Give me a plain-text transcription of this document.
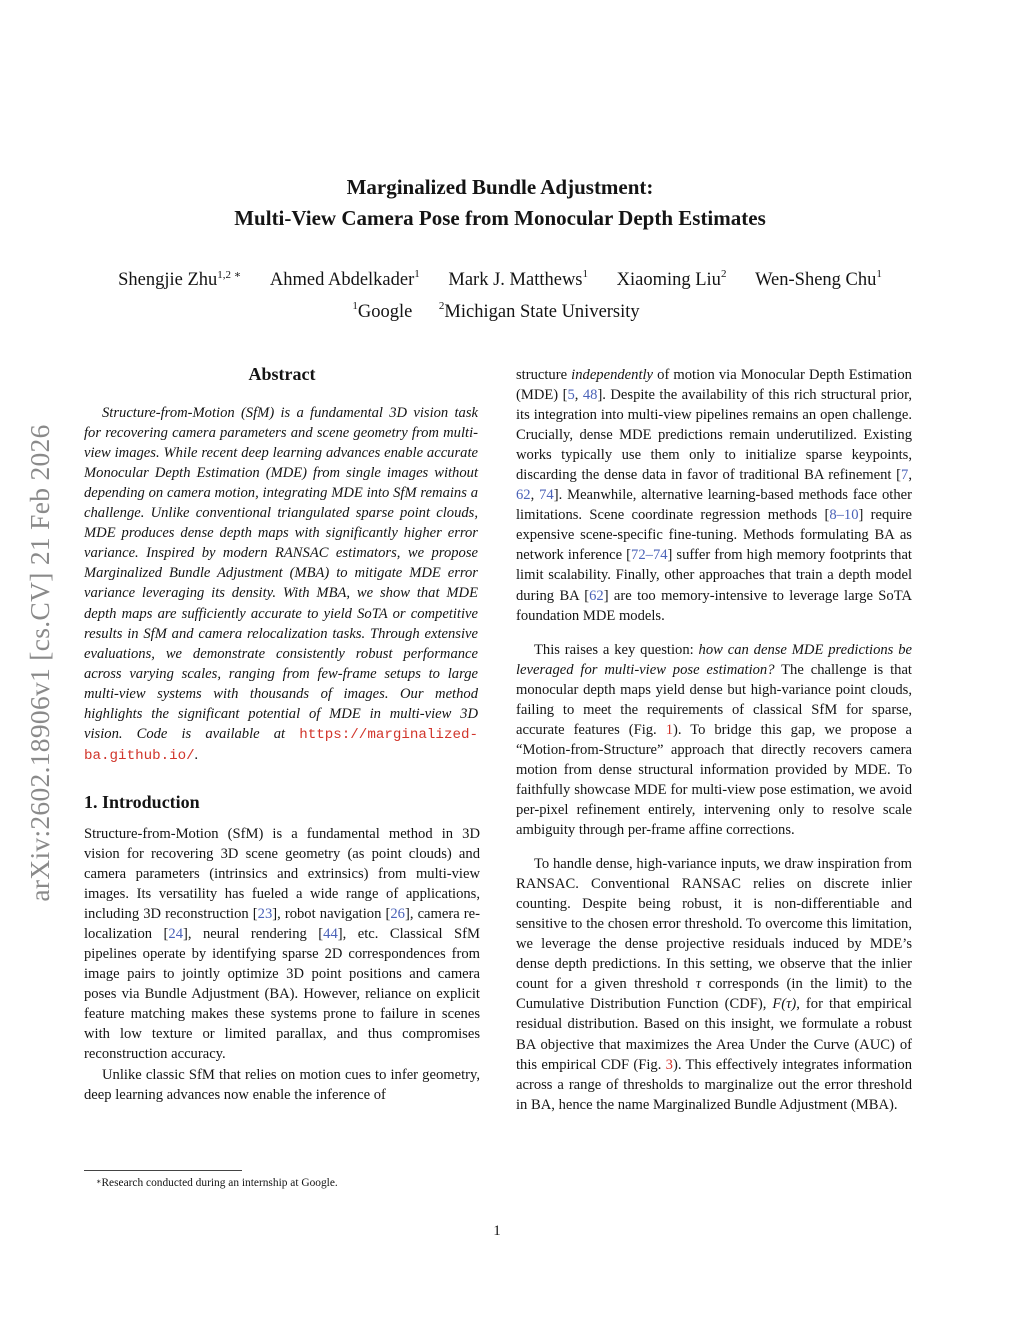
arXiv:2602.18906v1 [cs.CV] 21 Feb 2026
Marginalized Bundle Adjustment:
Multi-View Camera Pose from Monocular Depth Estimates
Shengjie Zhu$^{1,2 ∗}$ Ahmed Abdelkader$^1$ Mark J. Matthews$^1$ Xiaoming Liu$^2$ Wen-Sheng Chu$^1$
$^1$Google $^2$Michigan State University
Abstract

Structure-from-Motion (SfM) is a fundamental 3D vision task for recovering camera parameters and scene geometry from multi-view images. While recent deep learning advances enable accurate Monocular Depth Estimation (MDE) from single images without depending on camera motion, integrating MDE into SfM remains a challenge. Unlike conventional triangulated sparse point clouds, MDE produces dense depth maps with significantly higher error variance. Inspired by modern RANSAC estimators, we propose Marginalized Bundle Adjustment (MBA) to mitigate MDE error variance leveraging its density. With MBA, we show that MDE depth maps are sufficiently accurate to yield SoTA or competitive results in SfM and camera relocalization tasks. Through extensive evaluations, we demonstrate consistently robust performance across varying scales, ranging from few-frame setups to large multi-view systems with thousands of images. Our method highlights the significant potential of MDE in multi-view 3D vision. Code is available at https://marginalized-ba.github.io/.

1. Introduction

Structure-from-Motion (SfM) is a fundamental method in 3D vision for recovering 3D scene geometry (as point clouds) and camera parameters (intrinsics and extrinsics) from multi-view images. Its versatility has fueled a wide range of applications, including 3D reconstruction [23], robot navigation [26], camera re-localization [24], neural rendering [44], etc. Classical SfM pipelines operate by identifying sparse 2D correspondences from image pairs to jointly optimize 3D point positions and camera poses via Bundle Adjustment (BA). However, reliance on explicit feature matching makes these systems prone to failure in scenes with low texture or limited parallax, and thus compromises reconstruction accuracy.

Unlike classic SfM that relies on motion cues to infer geometry, deep learning advances now enable the inference of

structure independently of motion via Monocular Depth Estimation (MDE) [5, 48]. Despite the availability of this rich structural prior, its integration into multi-view pipelines remains an open challenge. Crucially, dense MDE predictions remain underutilized. Existing works typically use them only to initialize sparse keypoints, discarding the dense data in favor of traditional BA refinement [7, 62, 74]. Meanwhile, alternative learning-based methods face other limitations. Scene coordinate regression methods [8–10] require expensive scene-specific fine-tuning. Methods formulating BA as network inference [72–74] suffer from high memory footprints that limit scalability. Finally, other approaches that train a depth model during BA [62] are too memory-intensive to leverage large SoTA foundation MDE models.

This raises a key question: how can dense MDE predictions be leveraged for multi-view pose estimation? The challenge is that monocular depth maps yield dense but high-variance point clouds, failing to meet the requirements of classical SfM for sparse, accurate features (Fig. 1). To bridge this gap, we propose a “Motion-from-Structure” approach that directly recovers camera motion from dense structural information provided by MDE. To faithfully showcase MDE for multi-view pose estimation, we avoid per-pixel refinement entirely, intervening only to resolve scale ambiguity through per-frame affine corrections.

To handle dense, high-variance inputs, we draw inspiration from RANSAC. Conventional RANSAC relies on discrete inlier counting. Despite being robust, it is non-differentiable and sensitive to the chosen error threshold. To overcome this limitation, we leverage the dense projective residuals induced by MDE’s dense depth predictions. In this setting, we observe that the inlier count for a given threshold τ corresponds (in the limit) to the Cumulative Distribution Function (CDF), F(τ), for that empirical residual distribution. Based on this insight, we formulate a robust BA objective that maximizes the Area Under the Curve (AUC) of this empirical CDF (Fig. 3). This effectively integrates information across a range of thresholds to marginalize out the error threshold in BA, hence the name Marginalized Bundle Adjustment (MBA).

∗Research conducted during an internship at Google.
1
